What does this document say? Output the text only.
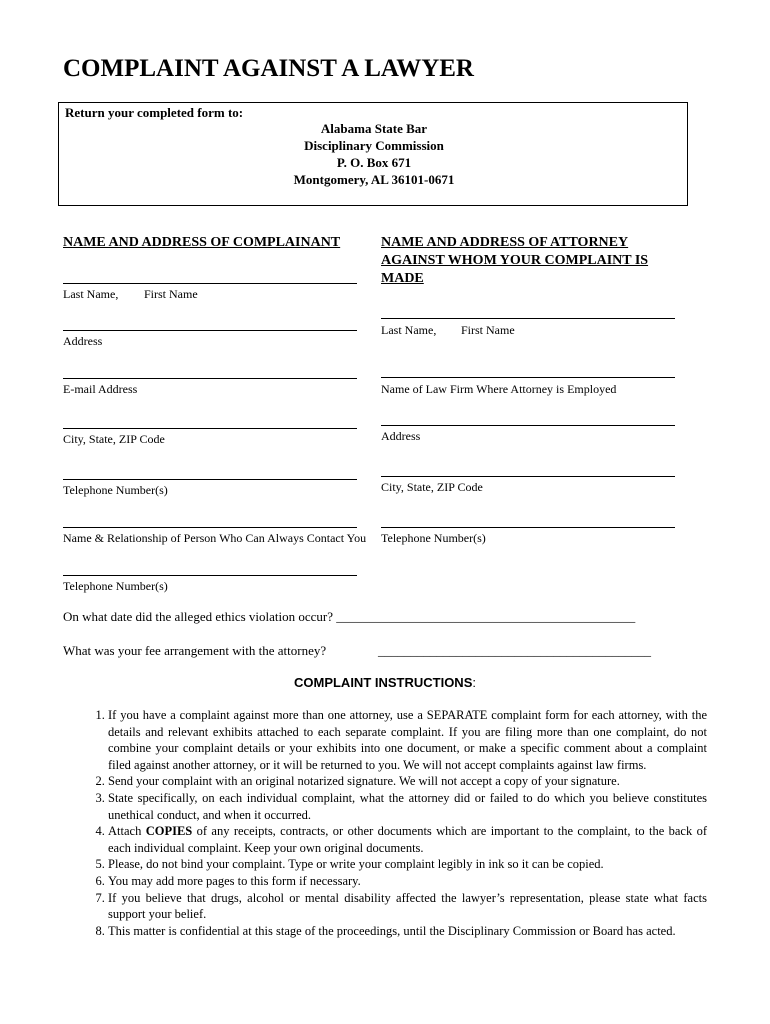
COMPLAINT AGAINST A LAWYER
Return your completed form to:
Alabama State Bar
Disciplinary Commission
P. O. Box 671
Montgomery, AL 36101-0671
NAME AND ADDRESS OF COMPLAINANT
Last Name, First Name
Address
E-mail Address
City, State, ZIP Code
Telephone Number(s)
Name & Relationship of Person Who Can Always Contact You
Telephone Number(s)
NAME AND ADDRESS OF ATTORNEY AGAINST WHOM YOUR COMPLAINT IS MADE
Last Name, First Name
Name of Law Firm Where Attorney is Employed
Address
City, State, ZIP Code
Telephone Number(s)
On what date did the alleged ethics violation occur? ______________________________________________
What was your fee arrangement with the attorney?	__________________________________________
COMPLAINT INSTRUCTIONS:
1. If you have a complaint against more than one attorney, use a SEPARATE complaint form for each attorney, with the details and relevant exhibits attached to each separate complaint. If you are filing more than one complaint, do not combine your complaint details or your exhibits into one document, or make a specific comment about a complaint filed against another attorney, or it will be returned to you. We will not accept complaints against law firms.
2. Send your complaint with an original notarized signature. We will not accept a copy of your signature.
3. State specifically, on each individual complaint, what the attorney did or failed to do which you believe constitutes unethical conduct, and when it occurred.
4. Attach COPIES of any receipts, contracts, or other documents which are important to the complaint, to the back of each individual complaint. Keep your own original documents.
5. Please, do not bind your complaint. Type or write your complaint legibly in ink so it can be copied.
6. You may add more pages to this form if necessary.
7. If you believe that drugs, alcohol or mental disability affected the lawyer’s representation, please state what facts support your belief.
8. This matter is confidential at this stage of the proceedings, until the Disciplinary Commission or Board has acted.
